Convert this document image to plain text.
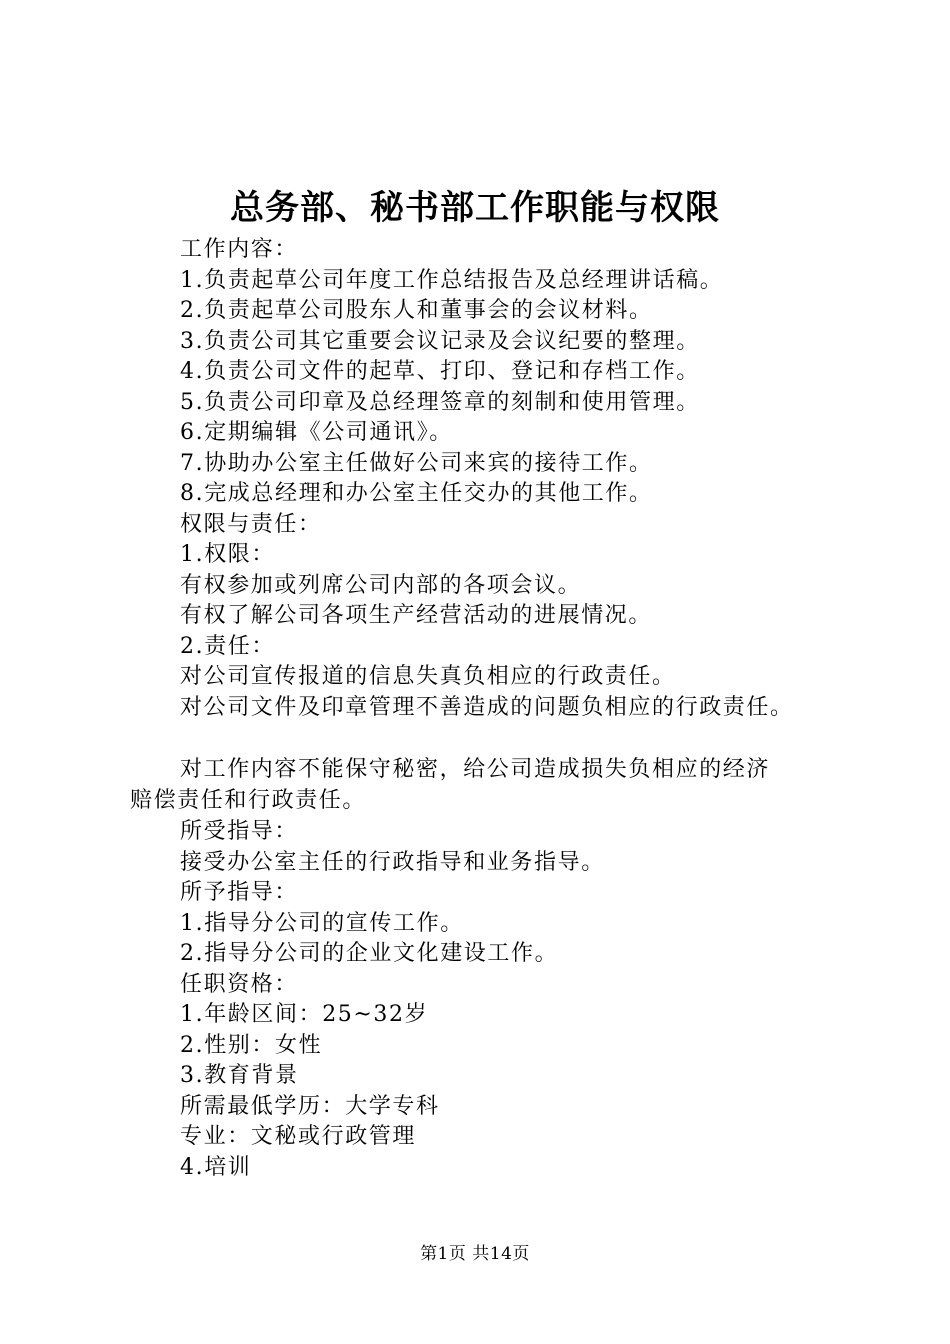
总务部、秘书部工作职能与权限
工作内容：
1.负责起草公司年度工作总结报告及总经理讲话稿。
2.负责起草公司股东人和董事会的会议材料。
3.负责公司其它重要会议记录及会议纪要的整理。
4.负责公司文件的起草、打印、登记和存档工作。
5.负责公司印章及总经理签章的刻制和使用管理。
6.定期编辑《公司通讯》。
7.协助办公室主任做好公司来宾的接待工作。
8.完成总经理和办公室主任交办的其他工作。
权限与责任：
1.权限：
有权参加或列席公司内部的各项会议。
有权了解公司各项生产经营活动的进展情况。
2.责任：
对公司宣传报道的信息失真负相应的行政责任。
对公司文件及印章管理不善造成的问题负相应的行政责任。
对工作内容不能保守秘密，给公司造成损失负相应的经济
赔偿责任和行政责任。
所受指导：
接受办公室主任的行政指导和业务指导。
所予指导：
1.指导分公司的宣传工作。
2.指导分公司的企业文化建设工作。
任职资格：
1.年龄区间：25~32岁
2.性别：女性
3.教育背景
所需最低学历：大学专科
专业：文秘或行政管理
4.培训
第1页 共14页
